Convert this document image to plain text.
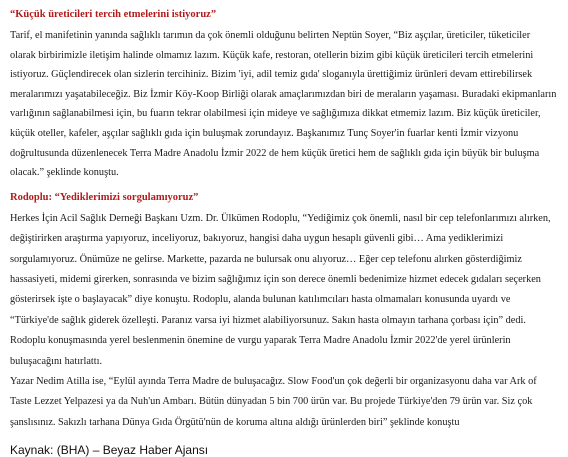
“Küçük üreticileri tercih etmelerini istiyoruz”

Tarif, el manifetinin yanında sağlıklı tarımın da çok önemli olduğunu belirten Neptün Soyer, “Biz aşçılar, üreticiler, tüketiciler olarak birbirimizle iletişim halinde olmamız lazım. Küçük kafe, restoran, otellerin bizim gibi küçük üreticileri tercih etmelerini istiyoruz. Güçlendirecek olan sizlerin tercihiniz. Bizim 'iyi, adil temiz gıda' sloganıyla ürettiğimiz ürünleri devam ettirebilirsek meralarımızı yaşatabileceğiz. Biz İzmir Köy-Koop Birliği olarak amaçlarımızdan biri de meraların yaşaması. Buradaki ekipmanların varlığının sağlanabilmesi için, bu fuarın tekrar olabilmesi için mideye ve sağlığımıza dikkat etmemiz lazım. Biz küçük üreticiler, küçük oteller, kafeler, aşçılar sağlıklı gıda için buluşmak zorundayız. Başkanımız Tunç Soyer'in fuarlar kenti İzmir vizyonu doğrultusunda düzenlenecek Terra Madre Anadolu İzmir 2022 de hem küçük üretici hem de sağlıklı gıda için büyük bir buluşma olacak.” şeklinde konuştu.

Rodoplu: “Yediklerimizi sorgulamıyoruz”

Herkes İçin Acil Sağlık Derneği Başkanı Uzm. Dr. Ülkümen Rodoplu, “Yediğimiz çok önemli, nasıl bir cep telefonlarımızı alırken, değiştirirken araştırma yapıyoruz, inceliyoruz, bakıyoruz, hangisi daha uygun hesaplı güvenli gibi… Ama yediklerimizi sorgulamıyoruz. Önümüze ne gelirse. Markette, pazarda ne bulursak onu alıyoruz… Eğer cep telefonu alırken gösterdiğimiz hassasiyeti, midemi girerken, sonrasında ve bizim sağlığımız için son derece önemli bedenimize hizmet edecek gıdaları seçerken gösterirsek işte o başlayacak” diye konuştu. Rodoplu, alanda bulunan katılımcıları hasta olmamaları konusunda uyardı ve “Türkiye'de sağlık giderek özelleşti. Paranız varsa iyi hizmet alabiliyorsunuz. Sakın hasta olmayın tarhana çorbası için” dedi. Rodoplu konuşmasında yerel beslenmenin önemine de vurgu yaparak Terra Madre Anadolu İzmir 2022'de yerel ürünlerin buluşacağını hatırlattı.

Yazar Nedim Atilla ise, “Eylül ayında Terra Madre de buluşacağız. Slow Food'un çok değerli bir organizasyonu daha var Ark of Taste Lezzet Yelpazesi ya da Nuh'un Ambarı. Bütün dünyadan 5 bin 700 ürün var. Bu projede Türkiye'den 79 ürün var. Siz çok şanslısınız. Sakızlı tarhana Dünya Gıda Örgütü'nün de koruma altına aldığı ürünlerden biri” şeklinde konuştu

Kaynak: (BHA) – Beyaz Haber Ajansı
